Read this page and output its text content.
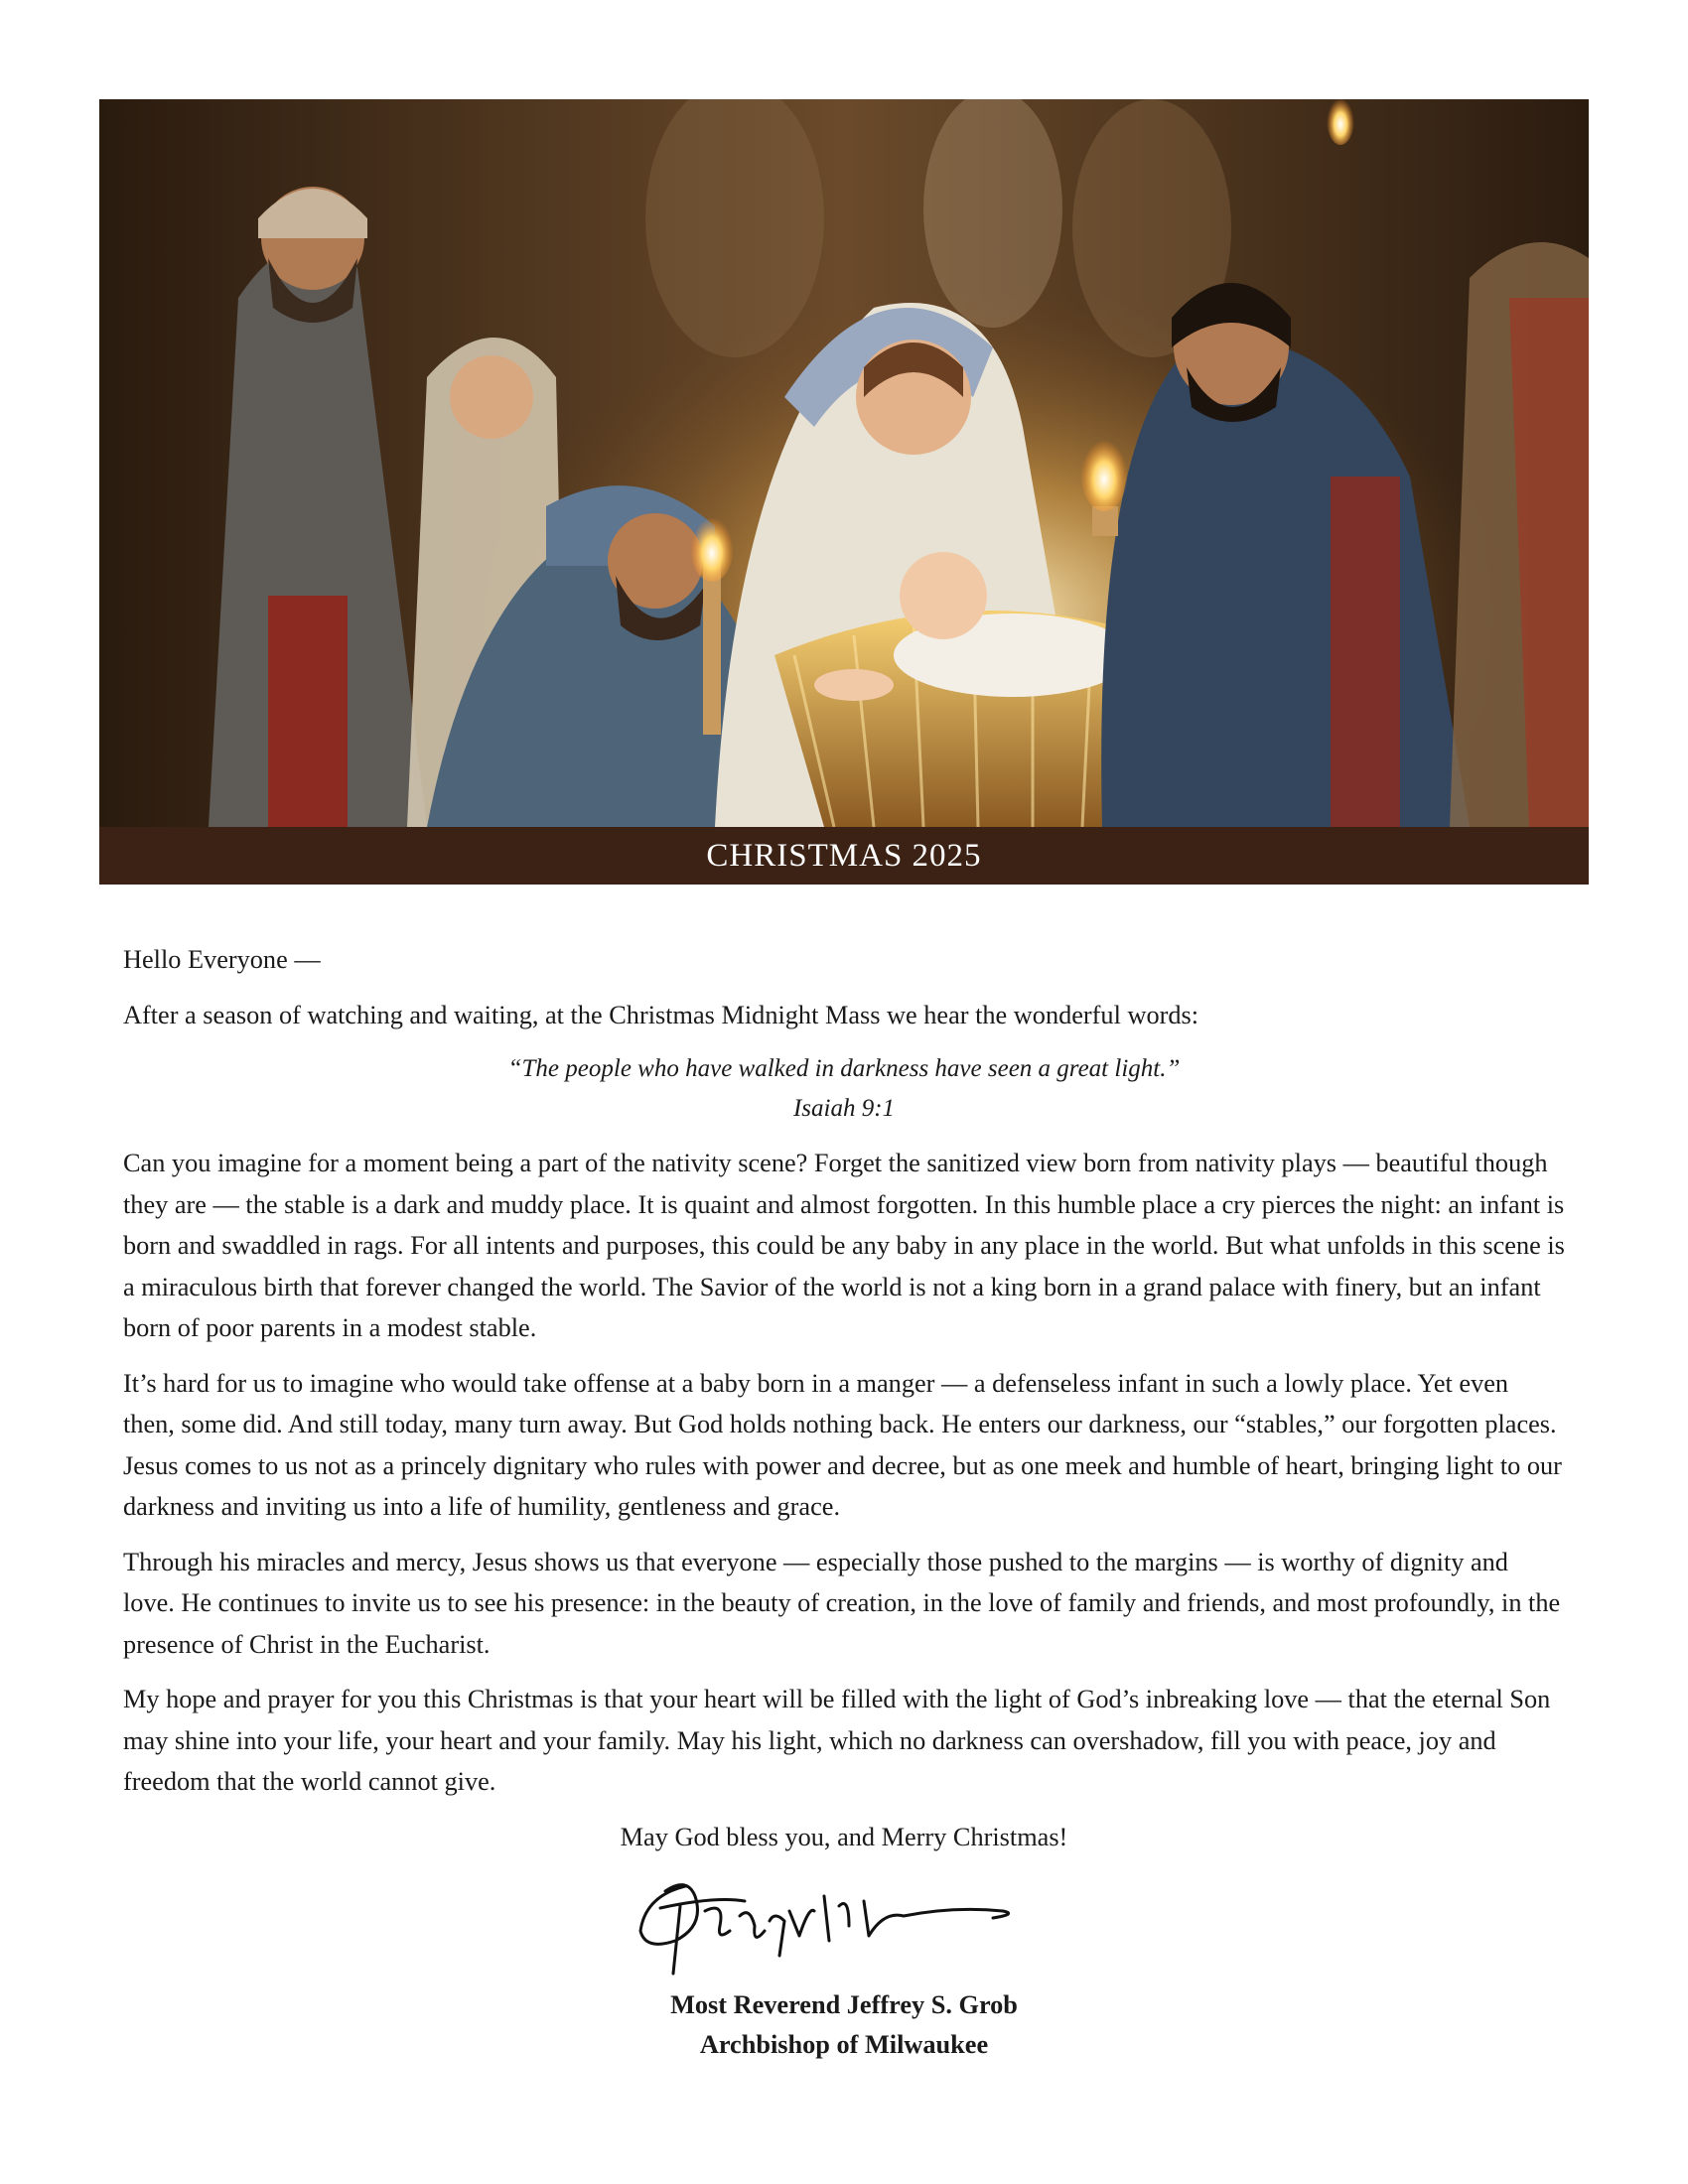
CHRISTMAS 2025

Hello Everyone —

After a season of watching and waiting, at the Christmas Midnight Mass we hear the wonderful words:

“The people who have walked in darkness have seen a great light.”
Isaiah 9:1

Can you imagine for a moment being a part of the nativity scene? Forget the sanitized view born from nativity plays — beautiful though they are — the stable is a dark and muddy place. It is quaint and almost forgotten. In this humble place a cry pierces the night: an infant is born and swaddled in rags. For all intents and purposes, this could be any baby in any place in the world. But what unfolds in this scene is a miraculous birth that forever changed the world. The Savior of the world is not a king born in a grand palace with finery, but an infant born of poor parents in a modest stable.

It’s hard for us to imagine who would take offense at a baby born in a manger — a defenseless infant in such a lowly place. Yet even then, some did. And still today, many turn away. But God holds nothing back. He enters our darkness, our “stables,” our forgotten places. Jesus comes to us not as a princely dignitary who rules with power and decree, but as one meek and humble of heart, bringing light to our darkness and inviting us into a life of humility, gentleness and grace.

Through his miracles and mercy, Jesus shows us that everyone — especially those pushed to the margins — is worthy of dignity and love. He continues to invite us to see his presence: in the beauty of creation, in the love of family and friends, and most profoundly, in the presence of Christ in the Eucharist.

My hope and prayer for you this Christmas is that your heart will be filled with the light of God’s inbreaking love — that the eternal Son may shine into your life, your heart and your family. May his light, which no darkness can overshadow, fill you with peace, joy and freedom that the world cannot give.

May God bless you, and Merry Christmas!

Most Reverend Jeffrey S. Grob
Archbishop of Milwaukee
